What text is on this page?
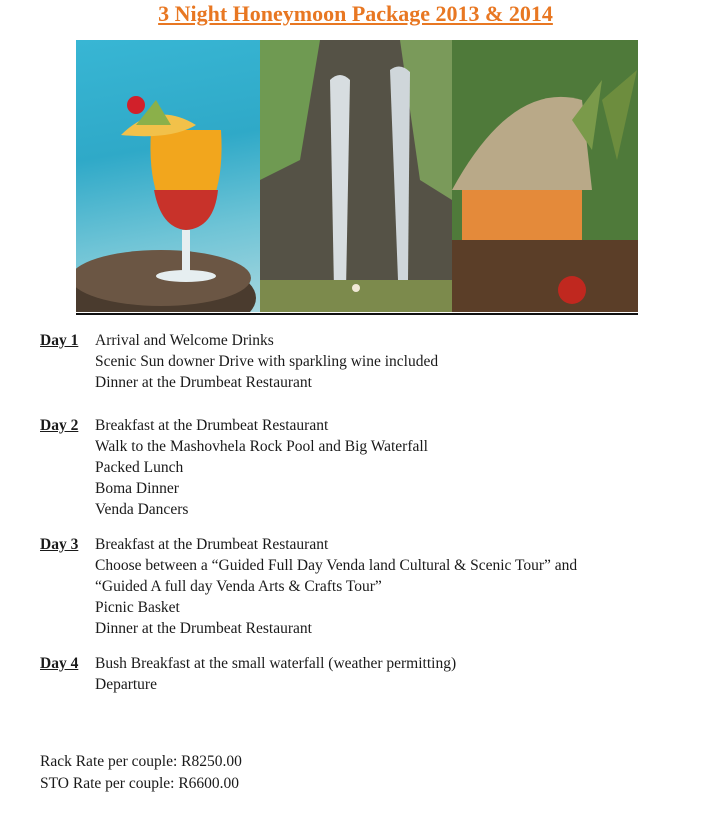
3 Night Honeymoon Package 2013 & 2014
Day 1	Arrival and Welcome Drinks
Scenic Sun downer Drive with sparkling wine included
Dinner at the Drumbeat Restaurant
Day 2	Breakfast at the Drumbeat Restaurant
Walk to the Mashovhela Rock Pool and Big Waterfall
Packed Lunch
Boma Dinner
Venda Dancers
Day 3	Breakfast at the Drumbeat Restaurant
Choose between a “Guided Full Day Venda land Cultural & Scenic Tour” and
“Guided A full day Venda Arts & Crafts Tour”
Picnic Basket
Dinner at the Drumbeat Restaurant
Day 4	Bush Breakfast at the small waterfall (weather permitting)
Departure
Rack Rate per couple: R8250.00
STO Rate per couple: R6600.00
